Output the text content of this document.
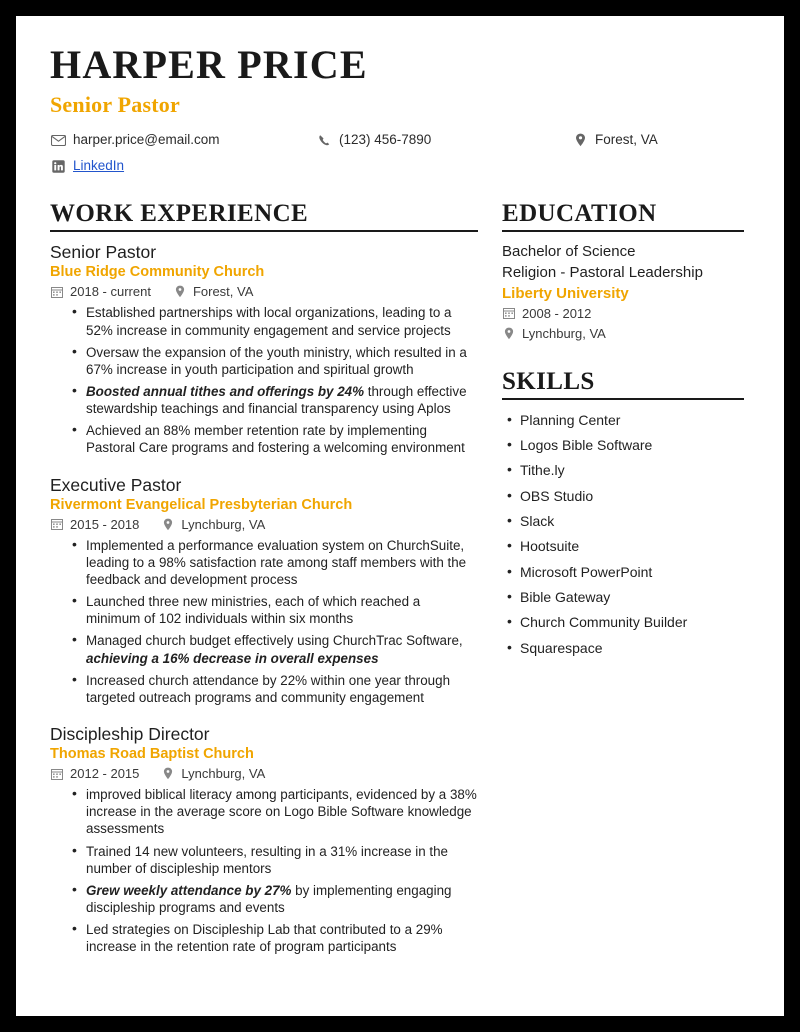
HARPER PRICE
Senior Pastor
harper.price@email.com	(123) 456-7890	Forest, VA
LinkedIn
WORK EXPERIENCE
Senior Pastor
Blue Ridge Community Church
2018 - current	Forest, VA
• Established partnerships with local organizations, leading to a 52% increase in community engagement and service projects
• Oversaw the expansion of the youth ministry, which resulted in a 67% increase in youth participation and spiritual growth
• Boosted annual tithes and offerings by 24% through effective stewardship teachings and financial transparency using Aplos
• Achieved an 88% member retention rate by implementing Pastoral Care programs and fostering a welcoming environment
Executive Pastor
Rivermont Evangelical Presbyterian Church
2015 - 2018	Lynchburg, VA
• Implemented a performance evaluation system on ChurchSuite, leading to a 98% satisfaction rate among staff members with the feedback and development process
• Launched three new ministries, each of which reached a minimum of 102 individuals within six months
• Managed church budget effectively using ChurchTrac Software, achieving a 16% decrease in overall expenses
• Increased church attendance by 22% within one year through targeted outreach programs and community engagement
Discipleship Director
Thomas Road Baptist Church
2012 - 2015	Lynchburg, VA
• improved biblical literacy among participants, evidenced by a 38% increase in the average score on Logo Bible Software knowledge assessments
• Trained 14 new volunteers, resulting in a 31% increase in the number of discipleship mentors
• Grew weekly attendance by 27% by implementing engaging discipleship programs and events
• Led strategies on Discipleship Lab that contributed to a 29% increase in the retention rate of program participants
EDUCATION
Bachelor of Science
Religion - Pastoral Leadership
Liberty University
2008 - 2012
Lynchburg, VA
SKILLS
• Planning Center
• Logos Bible Software
• Tithe.ly
• OBS Studio
• Slack
• Hootsuite
• Microsoft PowerPoint
• Bible Gateway
• Church Community Builder
• Squarespace
